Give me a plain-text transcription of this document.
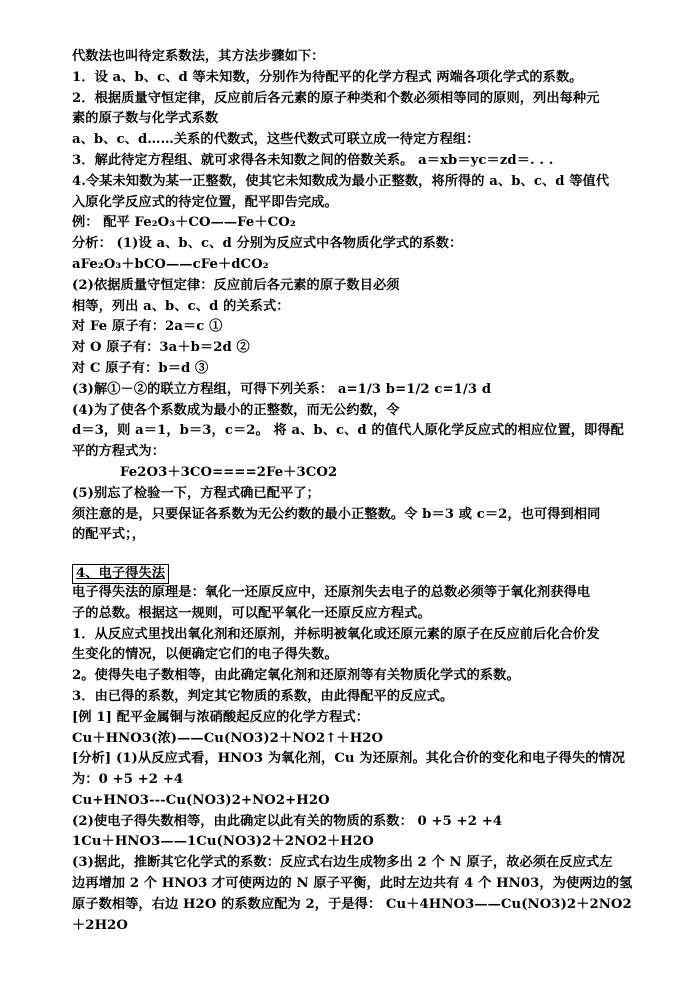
代数法也叫待定系数法，其方法步骤如下：
1．设 a、b、c、d 等未知数，分别作为待配平的化学方程式 两端各项化学式的系数。
2．根据质量守恒定律，反应前后各元素的原子种类和个数必须相等同的原则，列出每种元
素的原子数与化学式系数
a、b、c、d……关系的代数式，这些代数式可联立成一待定方程组：
3．解此待定方程组、就可求得各未知数之间的倍数关系。 a＝xb＝yc＝zd＝. . .
4.令某未知数为某一正整数，使其它未知数成为最小正整数，将所得的 a、b、c、d 等值代
入原化学反应式的待定位置，配平即告完成。
例： 配平 Fe₂O₃＋CO——Fe＋CO₂
分析： (1)设 a、b、c、d 分别为反应式中各物质化学式的系数：
aFe₂O₃＋bCO——cFe＋dCO₂
(2)依据质量守恒定律：反应前后各元素的原子数目必须
相等，列出 a、b、c、d 的关系式：
对 Fe 原子有：2a＝c ①
对 O 原子有：3a＋b＝2d ②
对 C 原子有：b＝d ③
(3)解①－②的联立方程组，可得下列关系： a=1/3 b=1/2 c=1/3 d
(4)为了使各个系数成为最小的正整数，而无公约数，令
d＝3，则 a＝1，b＝3，c＝2。 将 a、b、c、d 的值代人原化学反应式的相应位置，即得配
平的方程式为：
Fe2O3＋3CO====2Fe＋3CO2
(5)别忘了检验一下，方程式确已配平了；
须注意的是，只要保证各系数为无公约数的最小正整数。令 b＝3 或 c＝2，也可得到相同
的配平式；，
4、电子得失法
电子得失法的原理是：氧化一还原反应中，还原剂失去电子的总数必须等于氧化剂获得电
子的总数。根据这一规则，可以配平氧化一还原反应方程式。
1．从反应式里找出氧化剂和还原剂，并标明被氧化或还原元素的原子在反应前后化合价发
生变化的情况，以便确定它们的电子得失数。
2。使得失电子数相等，由此确定氧化剂和还原剂等有关物质化学式的系数。
3．由已得的系数，判定其它物质的系数，由此得配平的反应式。
[例 1] 配平金属铜与浓硝酸起反应的化学方程式：
Cu＋HNO3(浓)——Cu(NO3)2＋NO2↑＋H2O
[分析] (1)从反应式看，HNO3 为氧化剂，Cu 为还原剂。其化合价的变化和电子得失的情况
为：0 +5 +2 +4
Cu+HNO3---Cu(NO3)2+NO2+H2O
(2)使电子得失数相等，由此确定以此有关的物质的系数： 0 +5 +2 +4
1Cu＋HNO3——1Cu(NO3)2＋2NO2＋H2O
(3)据此，推断其它化学式的系数：反应式右边生成物多出 2 个 N 原子，故必须在反应式左
边再增加 2 个 HNO3 才可使两边的 N 原子平衡，此时左边共有 4 个 HN03，为使两边的氢
原子数相等，右边 H2O 的系数应配为 2，于是得： Cu＋4HNO3——Cu(NO3)2＋2NO2
＋2H2O
